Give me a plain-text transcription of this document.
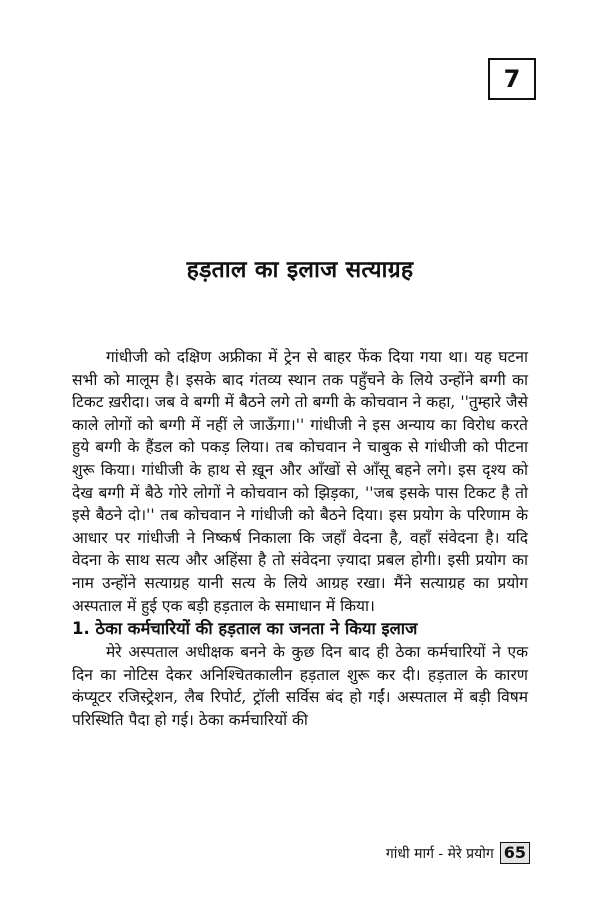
7
हड़ताल का इलाज सत्याग्रह

गांधीजी को दक्षिण अफ्रीका में ट्रेन से बाहर फेंक दिया गया था। यह घटना सभी को मालूम है। इसके बाद गंतव्य स्थान तक पहुँचने के लिये उन्होंने बग्गी का टिकट ख़रीदा। जब वे बग्गी में बैठने लगे तो बग्गी के कोचवान ने कहा, ''तुम्हारे जैसे काले लोगों को बग्गी में नहीं ले जाऊँगा।'' गांधीजी ने इस अन्याय का विरोध करते हुये बग्गी के हैंडल को पकड़ लिया। तब कोचवान ने चाबुक से गांधीजी को पीटना शुरू किया। गांधीजी के हाथ से ख़ून और आँखों से आँसू बहने लगे। इस दृश्य को देख बग्गी में बैठे गोरे लोगों ने कोचवान को झिड़का, ''जब इसके पास टिकट है तो इसे बैठने दो।'' तब कोचवान ने गांधीजी को बैठने दिया। इस प्रयोग के परिणाम के आधार पर गांधीजी ने निष्कर्ष निकाला कि जहाँ वेदना है, वहाँ संवेदना है। यदि वेदना के साथ सत्य और अहिंसा है तो संवेदना ज़्यादा प्रबल होगी। इसी प्रयोग का नाम उन्होंने सत्याग्रह यानी सत्य के लिये आग्रह रखा। मैंने सत्याग्रह का प्रयोग अस्पताल में हुई एक बड़ी हड़ताल के समाधान में किया।

1. ठेका कर्मचारियों की हड़ताल का जनता ने किया इलाज

मेरे अस्पताल अधीक्षक बनने के कुछ दिन बाद ही ठेका कर्मचारियों ने एक दिन का नोटिस देकर अनिश्चितकालीन हड़ताल शुरू कर दी। हड़ताल के कारण कंप्यूटर रजिस्ट्रेशन, लैब रिपोर्ट, ट्रॉली सर्विस बंद हो गईं। अस्पताल में बड़ी विषम परिस्थिति पैदा हो गई। ठेका कर्मचारियों की

गांधी मार्ग - मेरे प्रयोग 65
